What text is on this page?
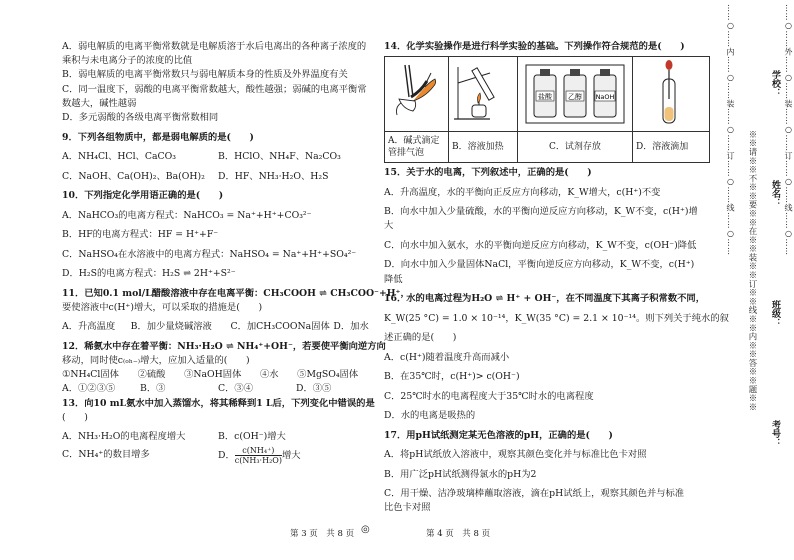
A．弱电解质的电离平衡常数就是电解质溶于水后电离出的各种离子浓度的
乘积与未电离分子的浓度的比值
B．弱电解质的电离平衡常数只与弱电解质本身的性质及外界温度有关
C．同一温度下，弱酸的电离平衡常数越大，酸性越强；弱碱的电离平衡常
数越大，碱性越弱
D．多元弱酸的各级电离平衡常数相同
9．下列各组物质中，都是弱电解质的是(　　)
A．NH₄Cl、HCl、CaCO₃	B．HClO、NH₄F、Na₂CO₃
C．NaOH、Ca(OH)₂、Ba(OH)₂	D．HF、NH₃·H₂O、H₂S
10．下列指定化学用语正确的是(　　)
A．NaHCO₃的电离方程式：NaHCO₃ = Na⁺+H⁺+CO₃²⁻
B．HF的电离方程式：HF = H⁺+F⁻
C．NaHSO₄在水溶液中的电离方程式：NaHSO₄ = Na⁺+H⁺+SO₄²⁻
D．H₂S的电离方程式：H₂S ⇌ 2H⁺+S²⁻
11．已知0.1 mol/L醋酸溶液中存在电离平衡：CH₃COOH ⇌ CH₃COO⁻+H⁺，
要使溶液中c(H⁺)增大，可以采取的措施是(　　)
A．升高温度	B．加少量烧碱溶液	C．加CH₃COONa固体 D．加水
12．稀氨水中存在着平衡：NH₃·H₂O ⇌ NH₄⁺+OH⁻，若要使平衡向逆方向
移动，同时使c₍ₒₕ₋₎增大，应加入适量的(　　)
①NH₄Cl固体　　②硫酸　　③NaOH固体　　④水　　⑤MgSO₄固体
A．①②③⑤	B．③	C．③④	D．③⑤
13．向10 mL氨水中加入蒸馏水，将其稀释到1 L后，下列变化中错误的是
(　　)
A．NH₃·H₂O的电离程度增大	B．c(OH⁻)增大
C．NH₄⁺的数目增多	D． $\frac{\text{c(NH₄⁺)}}{\text{c(NH₃·H₂O)}}$ 增大
14．化学实验操作是进行科学实验的基础。下列操作符合规范的是(　　)

盐酸 乙醇 NaOH

A．碱式滴定管排气泡	B．溶液加热	C．试剂存放	D．溶液滴加
15．关于水的电离，下列叙述中，正确的是(　　)
A．升高温度，水的平衡向正反应方向移动，K_W增大，c(H⁺)不变
B．向水中加入少量硫酸，水的平衡向逆反应方向移动，K_W不变，c(H⁺)增
大
C．向水中加入氨水，水的平衡向逆反应方向移动，K_W不变，c(OH⁻)降低
D．向水中加入少量固体NaCl，平衡向逆反应方向移动，K_W不变，c(H⁺)
降低
16．水的电离过程为H₂O ⇌ H⁺ + OH⁻，在不同温度下其离子积常数不同，
K_W(25 °C) = 1.0 × 10⁻¹⁴，K_W(35 °C) = 2.1 × 10⁻¹⁴。则下列关于纯水的叙
述正确的是(　　)
A．c(H⁺)随着温度升高而减小
B．在35℃时，c(H⁺)> c(OH⁻)
C．25℃时水的电离程度大于35℃时水的电离程度
D．水的电离是吸热的
17．用pH试纸测定某无色溶液的pH，正确的是(　　)
A．将pH试纸放入溶液中，观察其颜色变化并与标准比色卡对照
B．用广泛pH试纸测得氯水的pH为2
C．用干燥、洁净玻璃棒蘸取溶液，滴在pH试纸上，观察其颜色并与标准
比色卡对照
第 3 页　共 8 页 ◎	第 4 页　共 8 页
……○……内……○……装……○……订……○……线……○……	……○……外……○……装……○……订……○……线……○……
※※请※※不※※要※※在※※装※※订※※线※※内※※答※※题※※
学校：
姓名：
班级：
考号：
